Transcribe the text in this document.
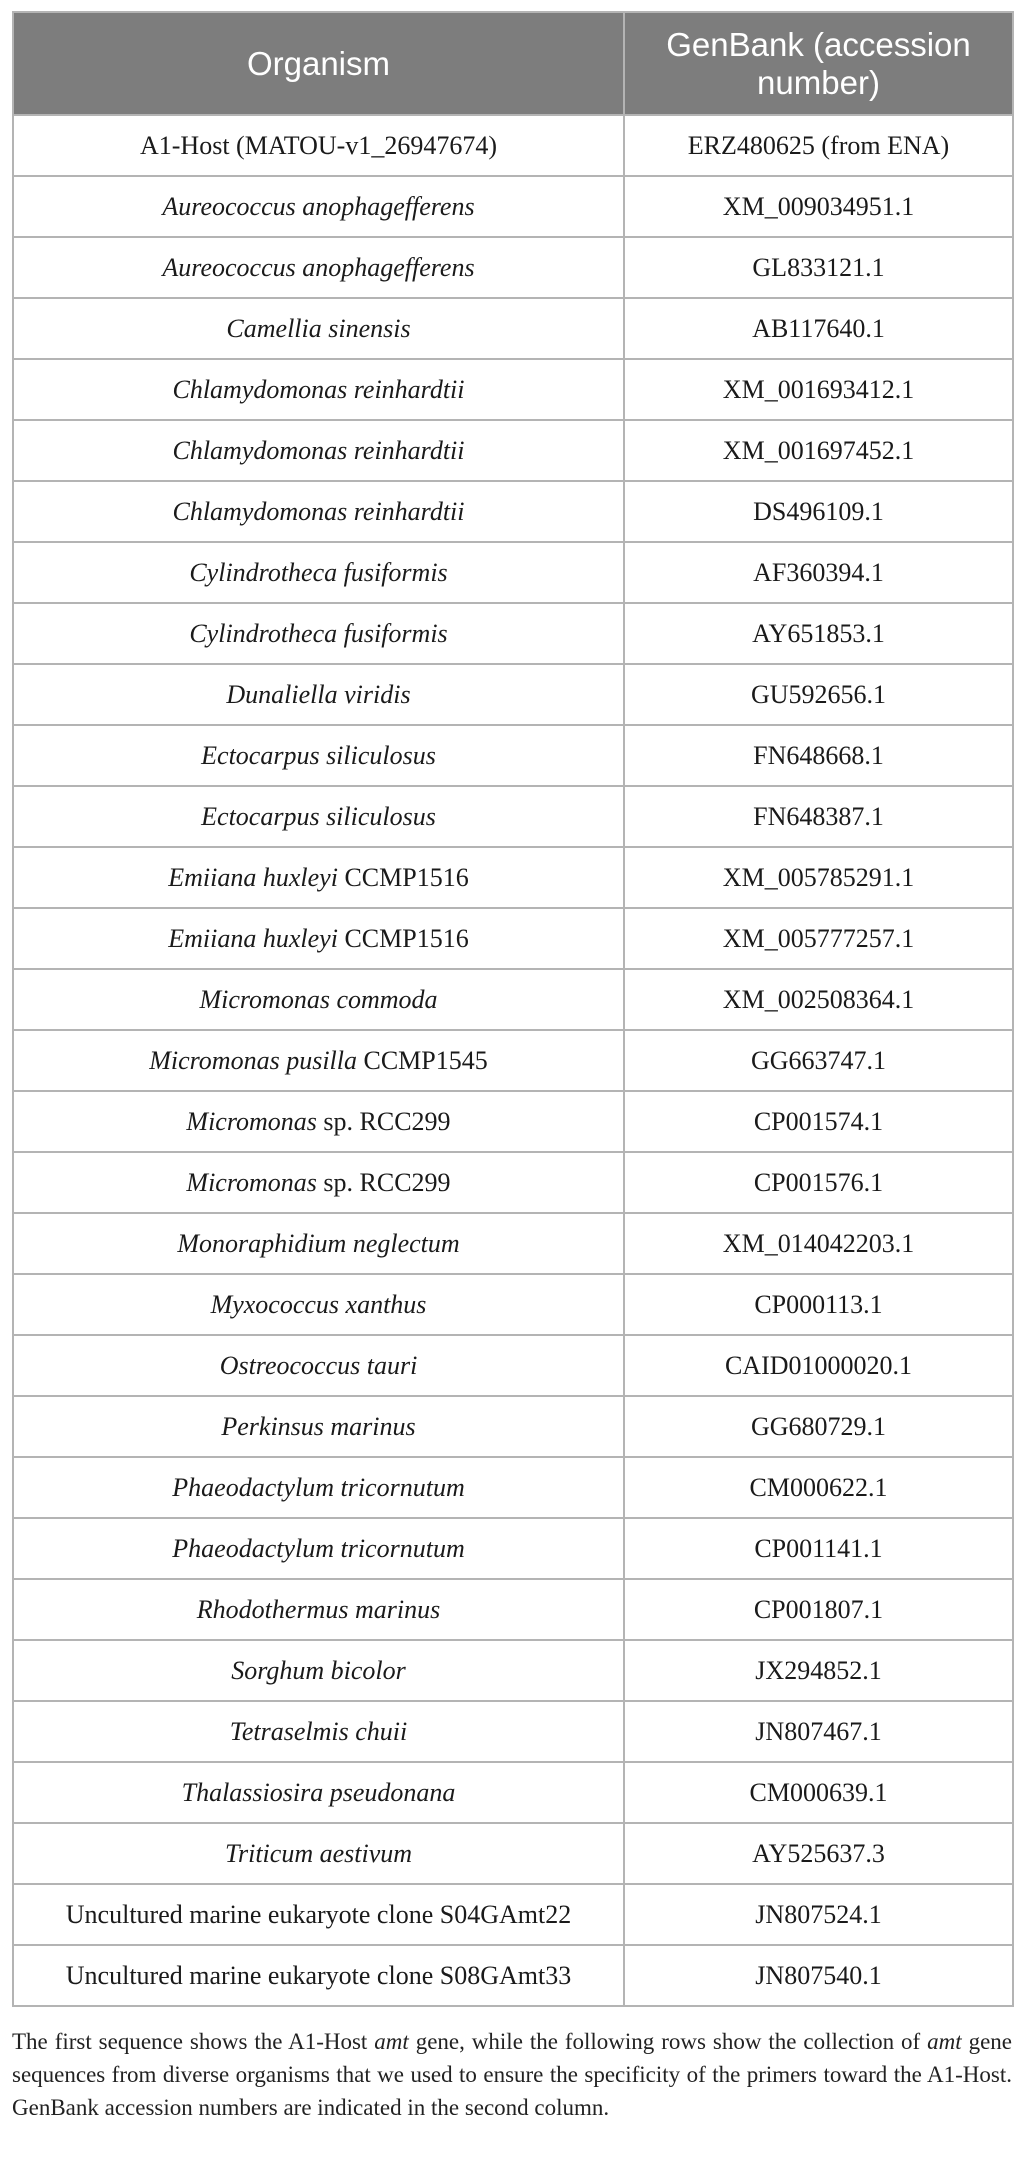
Organism	GenBank (accession number)
A1-Host (MATOU-v1_26947674)	ERZ480625 (from ENA)
Aureococcus anophagefferens	XM_009034951.1
Aureococcus anophagefferens	GL833121.1
Camellia sinensis	AB117640.1
Chlamydomonas reinhardtii	XM_001693412.1
Chlamydomonas reinhardtii	XM_001697452.1
Chlamydomonas reinhardtii	DS496109.1
Cylindrotheca fusiformis	AF360394.1
Cylindrotheca fusiformis	AY651853.1
Dunaliella viridis	GU592656.1
Ectocarpus siliculosus	FN648668.1
Ectocarpus siliculosus	FN648387.1
Emiiana huxleyi CCMP1516	XM_005785291.1
Emiiana huxleyi CCMP1516	XM_005777257.1
Micromonas commoda	XM_002508364.1
Micromonas pusilla CCMP1545	GG663747.1
Micromonas sp. RCC299	CP001574.1
Micromonas sp. RCC299	CP001576.1
Monoraphidium neglectum	XM_014042203.1
Myxococcus xanthus	CP000113.1
Ostreococcus tauri	CAID01000020.1
Perkinsus marinus	GG680729.1
Phaeodactylum tricornutum	CM000622.1
Phaeodactylum tricornutum	CP001141.1
Rhodothermus marinus	CP001807.1
Sorghum bicolor	JX294852.1
Tetraselmis chuii	JN807467.1
Thalassiosira pseudonana	CM000639.1
Triticum aestivum	AY525637.3
Uncultured marine eukaryote clone S04GAmt22	JN807524.1
Uncultured marine eukaryote clone S08GAmt33	JN807540.1

The first sequence shows the A1-Host amt gene, while the following rows show the collection of amt gene sequences from diverse organisms that we used to ensure the specificity of the primers toward the A1-Host. GenBank accession numbers are indicated in the second column.
